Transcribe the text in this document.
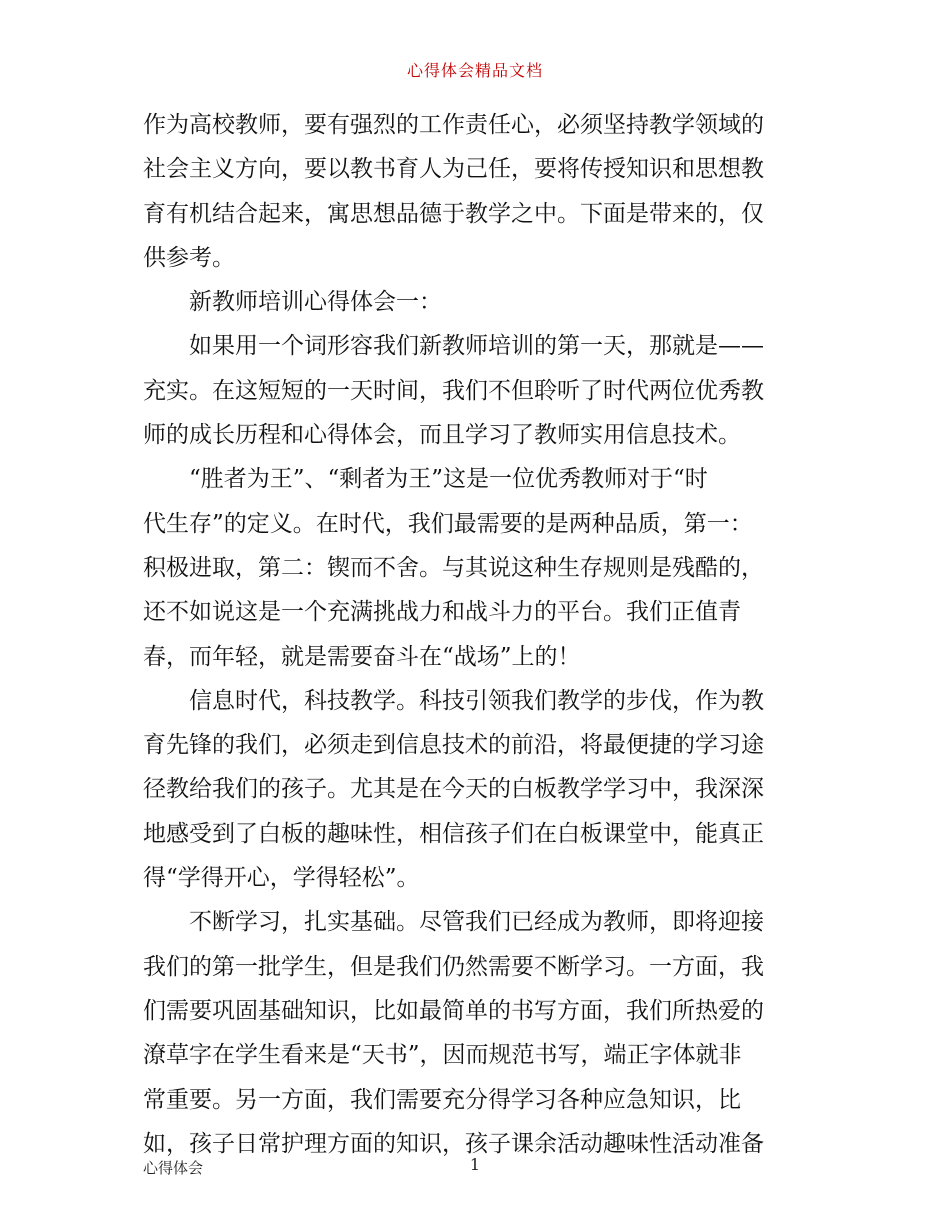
心得体会精品文档
作为高校教师，要有强烈的工作责任心，必须坚持教学领域的
社会主义方向，要以教书育人为己任，要将传授知识和思想教
育有机结合起来，寓思想品德于教学之中。下面是带来的，仅
供参考。
　　新教师培训心得体会一：
　　如果用一个词形容我们新教师培训的第一天，那就是——
充实。在这短短的一天时间，我们不但聆听了时代两位优秀教
师的成长历程和心得体会，而且学习了教师实用信息技术。
　　“胜者为王”、“剩者为王”这是一位优秀教师对于“时
代生存”的定义。在时代，我们最需要的是两种品质，第一：
积极进取，第二：锲而不舍。与其说这种生存规则是残酷的，
还不如说这是一个充满挑战力和战斗力的平台。我们正值青
春，而年轻，就是需要奋斗在“战场”上的！
　　信息时代，科技教学。科技引领我们教学的步伐，作为教
育先锋的我们，必须走到信息技术的前沿，将最便捷的学习途
径教给我们的孩子。尤其是在今天的白板教学学习中，我深深
地感受到了白板的趣味性，相信孩子们在白板课堂中，能真正
得“学得开心，学得轻松”。
　　不断学习，扎实基础。尽管我们已经成为教师，即将迎接
我们的第一批学生，但是我们仍然需要不断学习。一方面，我
们需要巩固基础知识，比如最简单的书写方面，我们所热爱的
潦草字在学生看来是“天书”，因而规范书写，端正字体就非
常重要。另一方面，我们需要充分得学习各种应急知识，比
如，孩子日常护理方面的知识，孩子课余活动趣味性活动准备
心得体会	1
